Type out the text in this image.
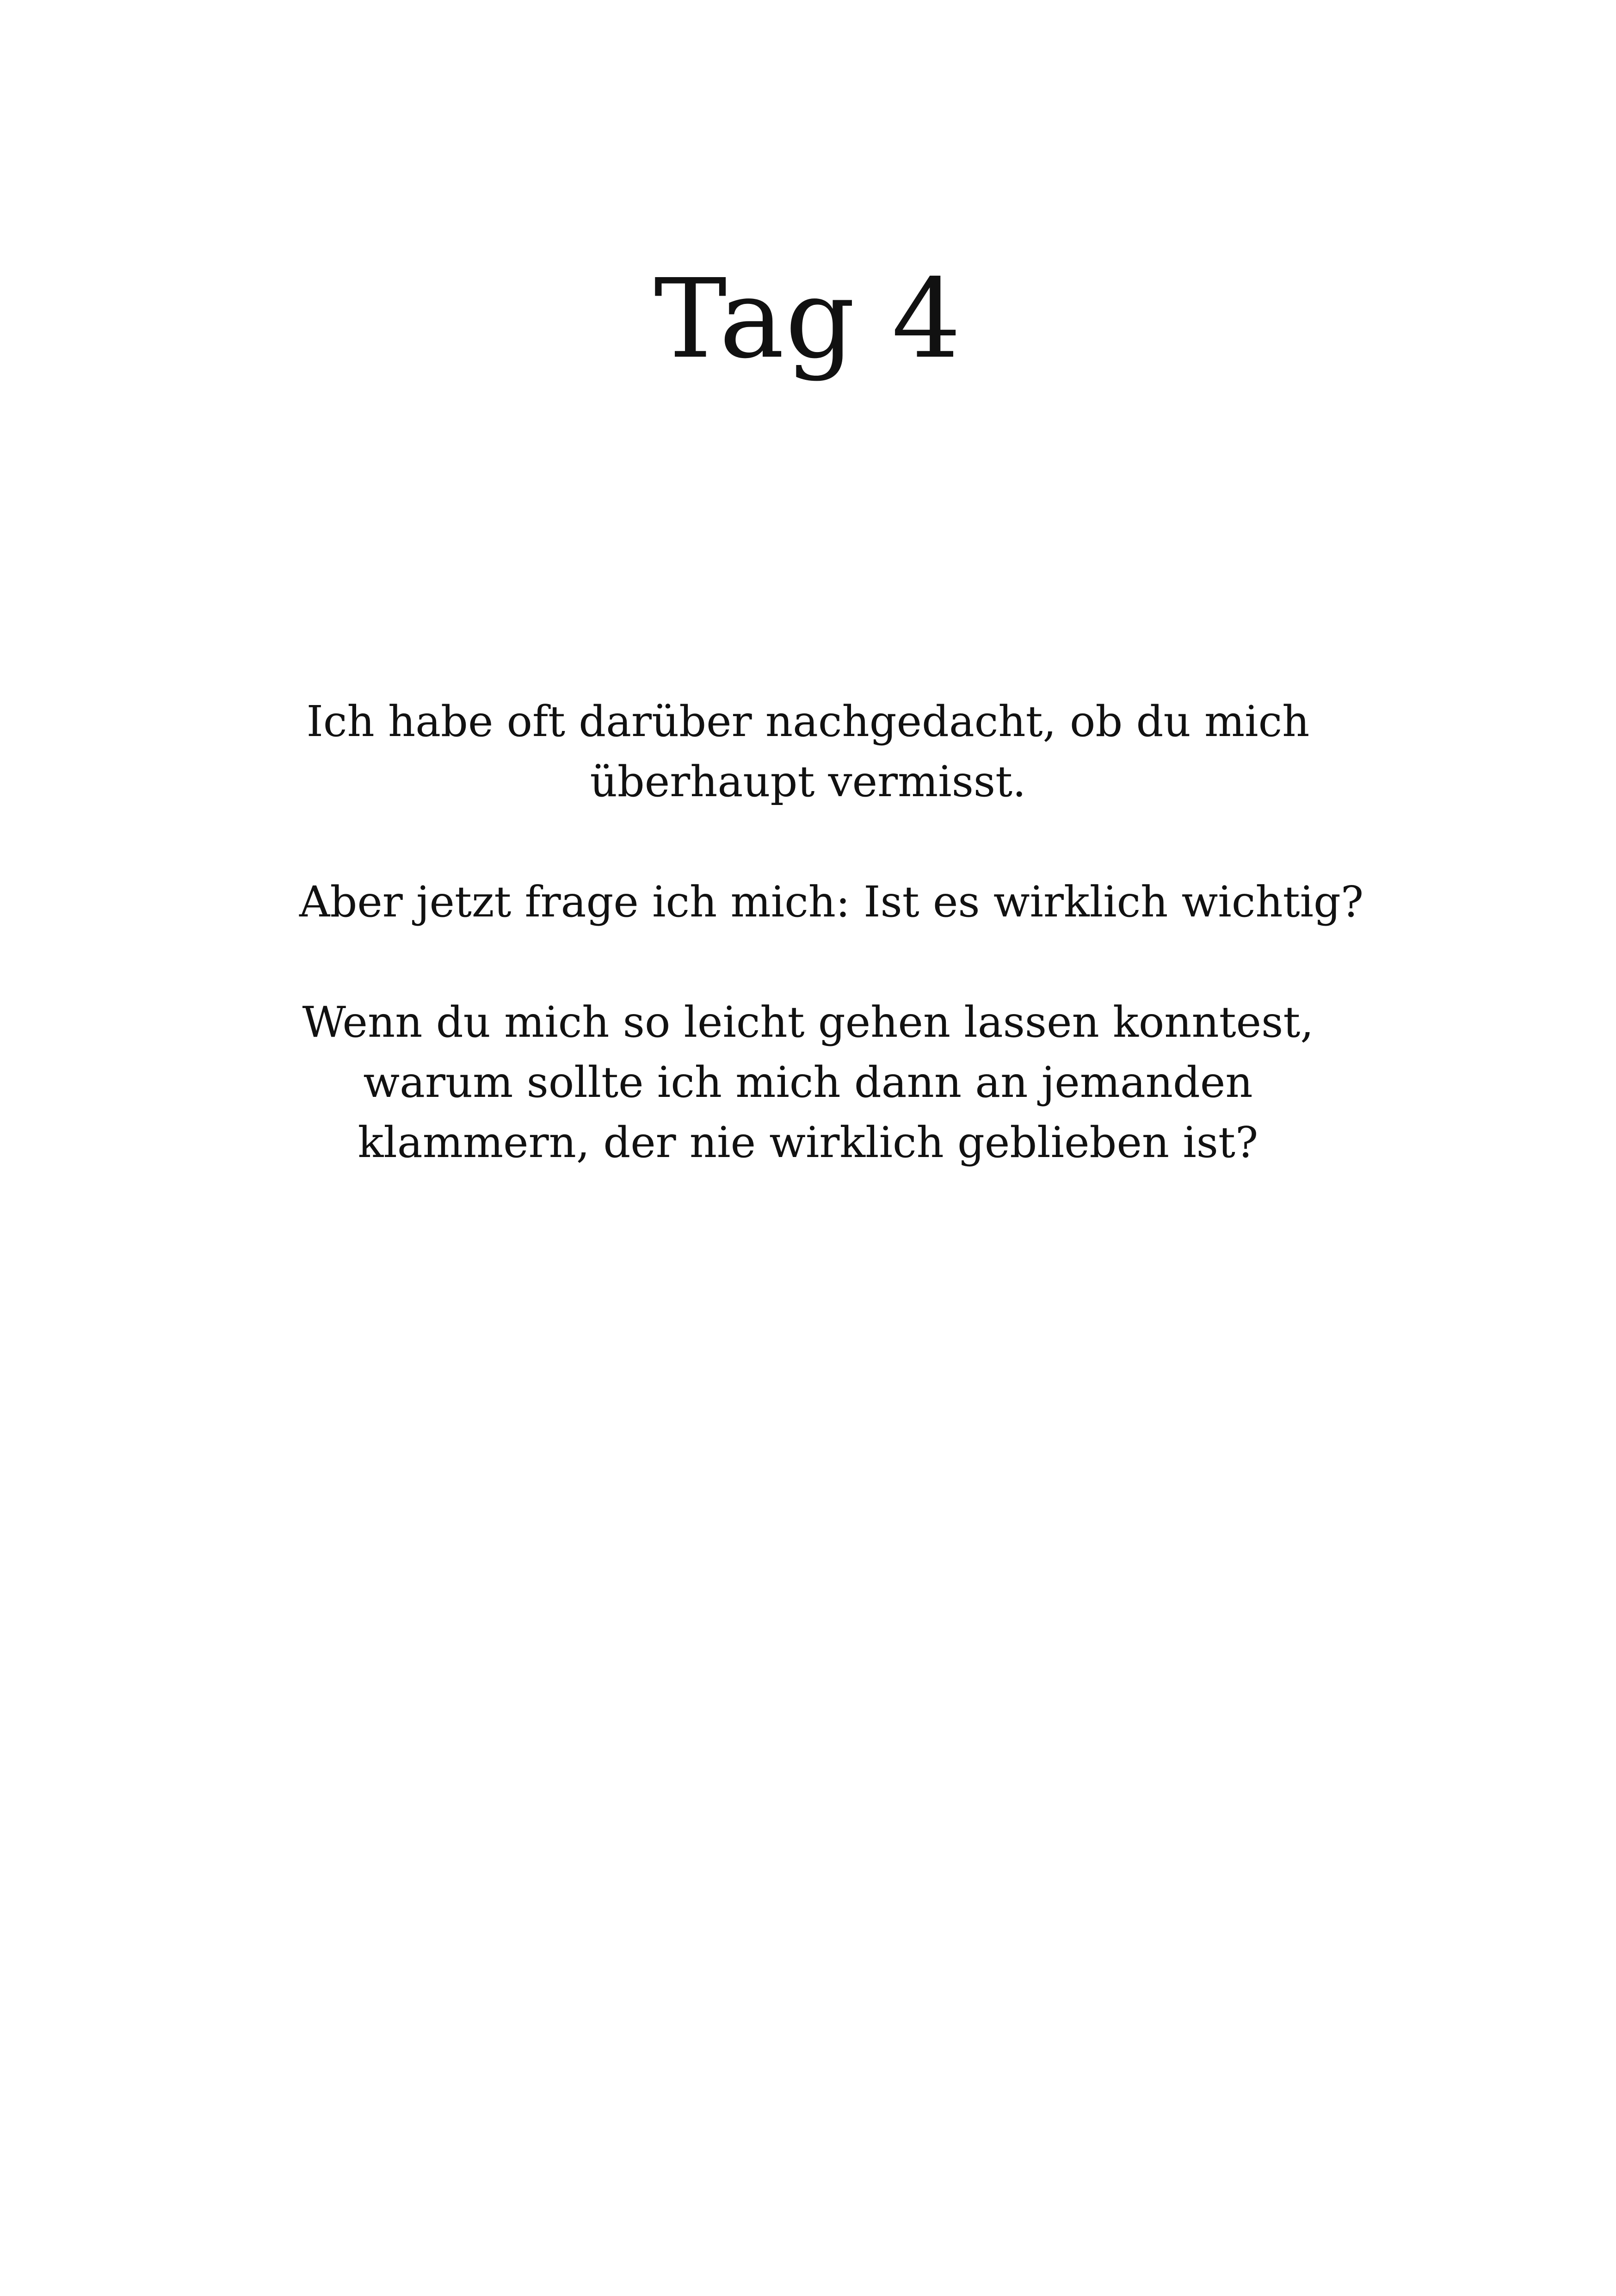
Tag 4

Ich habe oft darüber nachgedacht, ob du mich
überhaupt vermisst.

Aber jetzt frage ich mich: Ist es wirklich wichtig?

Wenn du mich so leicht gehen lassen konntest,
warum sollte ich mich dann an jemanden
klammern, der nie wirklich geblieben ist?
